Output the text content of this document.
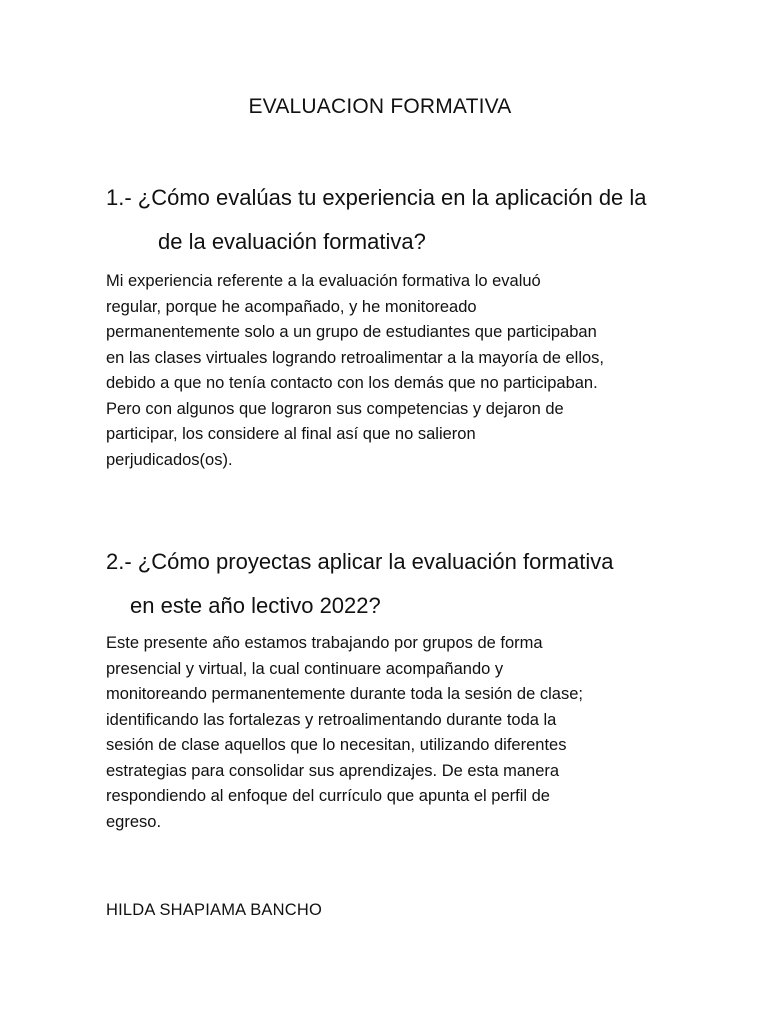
EVALUACION FORMATIVA
1.- ¿Cómo evalúas tu experiencia en la aplicación de la
de la evaluación formativa?
Mi experiencia referente a la evaluación formativa lo evaluó
regular, porque he acompañado, y he monitoreado
permanentemente solo a un grupo de estudiantes que participaban
en las clases virtuales logrando retroalimentar a la mayoría de ellos,
debido a que no tenía contacto con los demás que no participaban.
Pero con algunos que lograron sus competencias y dejaron de
participar, los considere al final así que no salieron
perjudicados(os).
2.- ¿Cómo proyectas aplicar la evaluación formativa
en este año lectivo 2022?
Este presente año estamos trabajando por grupos de forma
presencial y virtual, la cual continuare acompañando y
monitoreando permanentemente durante toda la sesión de clase;
identificando las fortalezas y retroalimentando durante toda la
sesión de clase aquellos que lo necesitan, utilizando diferentes
estrategias para consolidar sus aprendizajes. De esta manera
respondiendo al enfoque del currículo que apunta el perfil de
egreso.
HILDA SHAPIAMA BANCHO
